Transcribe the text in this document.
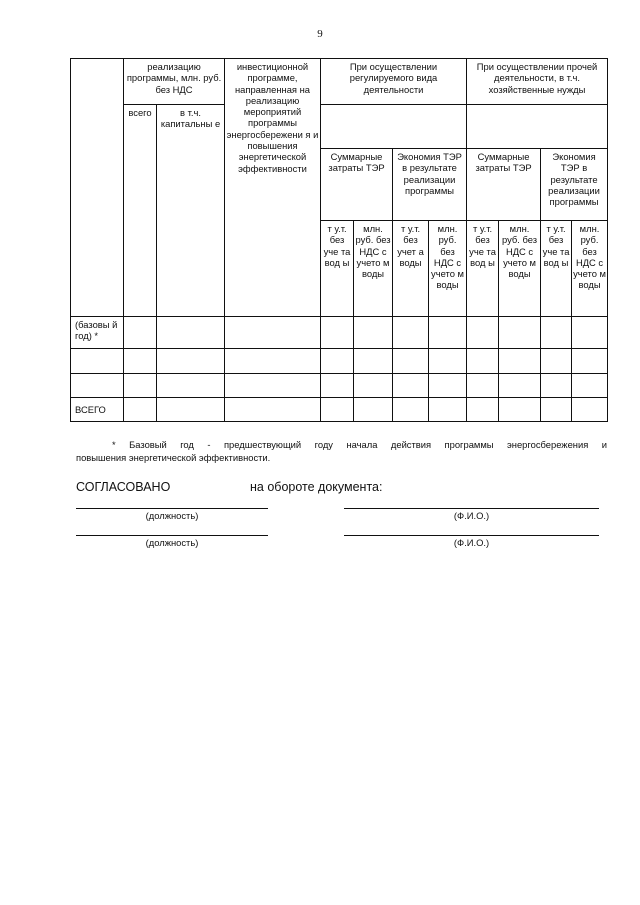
9
	реализацию программы, млн. руб. без НДС		инвестиционной программе, направленная на реализацию мероприятий программы энергосбережени я и повышения энергетической эффективности	При осуществлении регулируемого вида деятельности				При осуществлении прочей деятельности, в т.ч. хозяйственные нужды			
	всего	в т.ч. капитальны е									
				Суммарные затраты ТЭР		Экономия ТЭР в результате реализации программы		Суммарные затраты ТЭР		Экономия ТЭР в результате реализации программы	
				т у.т. без уче та вод ы	млн. руб. без НДС с учето м воды	т у.т. без учет а воды	млн. руб. без НДС с учето м воды	т у.т. без уче та вод ы	млн. руб. без НДС с учето м воды	т у.т. без уче та вод ы	млн. руб. без НДС с учето м воды
(базовы й год) *											

ВСЕГО											
* Базовый год - предшествующий году начала действия программы энергосбережения и
повышения энергетической эффективности.
СОГЛАСОВАНО	на обороте документа:
(должность)	(Ф.И.О.)
(должность)	(Ф.И.О.)
